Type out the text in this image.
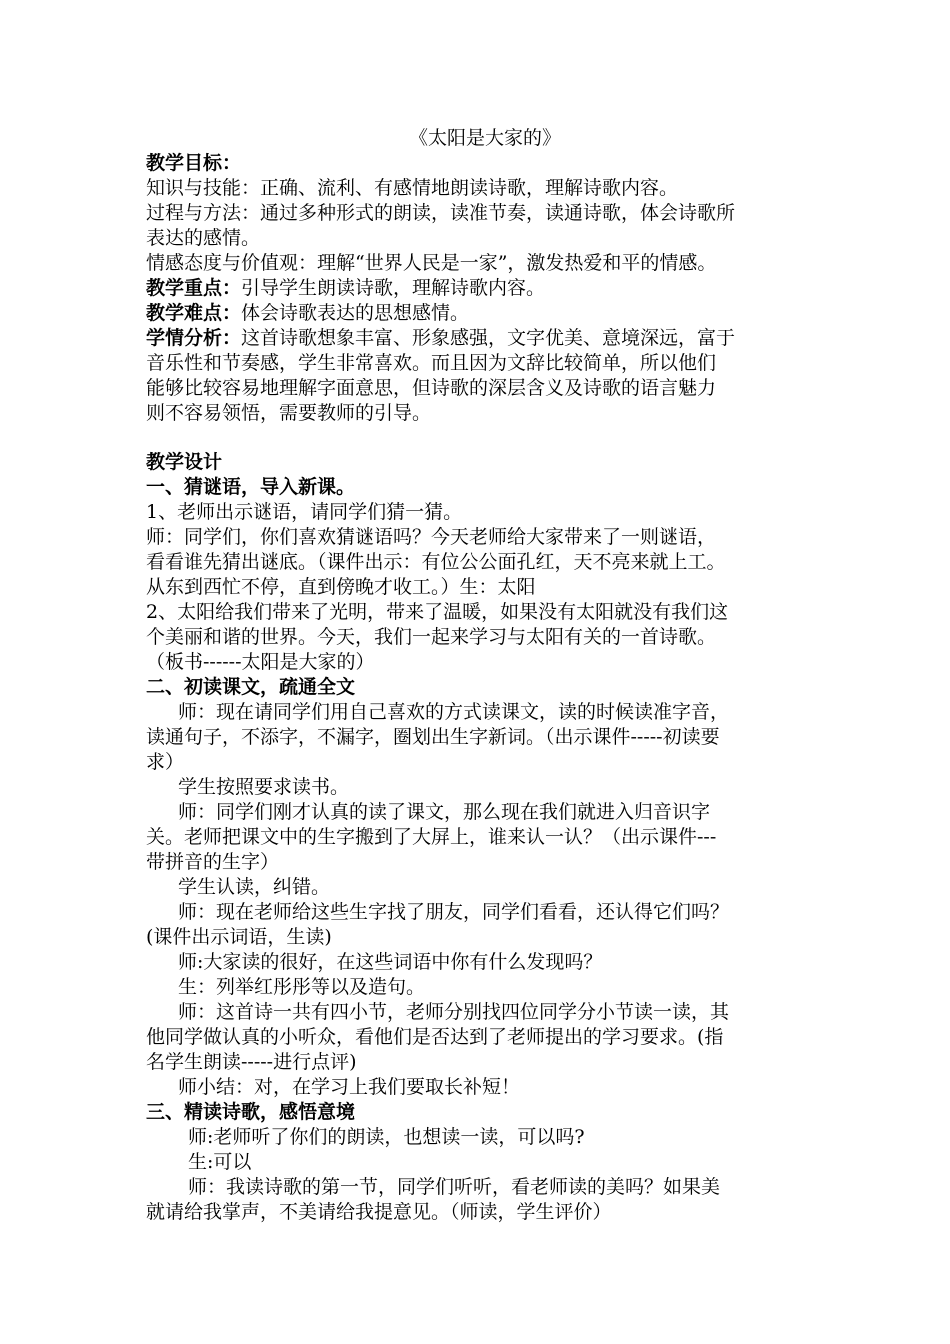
《太阳是大家的》
教学目标：
知识与技能：正确、流利、有感情地朗读诗歌，理解诗歌内容。
过程与方法：通过多种形式的朗读，读准节奏，读通诗歌，体会诗歌所
表达的感情。
情感态度与价值观：理解“世界人民是一家”，激发热爱和平的情感。
教学重点：引导学生朗读诗歌，理解诗歌内容。
教学难点：体会诗歌表达的思想感情。
学情分析：这首诗歌想象丰富、形象感强，文字优美、意境深远，富于
音乐性和节奏感，学生非常喜欢。而且因为文辞比较简单，所以他们
能够比较容易地理解字面意思，但诗歌的深层含义及诗歌的语言魅力
则不容易领悟，需要教师的引导。
教学设计
一、猜谜语，导入新课。
1、老师出示谜语，请同学们猜一猜。
师：同学们，你们喜欢猜谜语吗？今天老师给大家带来了一则谜语，
看看谁先猜出谜底。（课件出示：有位公公面孔红，天不亮来就上工。
从东到西忙不停，直到傍晚才收工。）生：太阳
2、太阳给我们带来了光明，带来了温暖，如果没有太阳就没有我们这
个美丽和谐的世界。今天，我们一起来学习与太阳有关的一首诗歌。
（板书------太阳是大家的）
二、初读课文，疏通全文
师：现在请同学们用自己喜欢的方式读课文，读的时候读准字音，
读通句子，不添字，不漏字，圈划出生字新词。（出示课件-----初读要
求）
学生按照要求读书。
师：同学们刚才认真的读了课文，那么现在我们就进入归音识字
关。老师把课文中的生字搬到了大屏上，谁来认一认？（出示课件---
带拼音的生字）
学生认读，纠错。
师：现在老师给这些生字找了朋友，同学们看看，还认得它们吗？
(课件出示词语，生读)
师:大家读的很好，在这些词语中你有什么发现吗？
生：列举红彤彤等以及造句。
师：这首诗一共有四小节，老师分别找四位同学分小节读一读，其
他同学做认真的小听众，看他们是否达到了老师提出的学习要求。(指
名学生朗读-----进行点评)
师小结：对，在学习上我们要取长补短！
三、精读诗歌，感悟意境
师:老师听了你们的朗读，也想读一读，可以吗?
生:可以
师：我读诗歌的第一节，同学们听听，看老师读的美吗？如果美
就请给我掌声，不美请给我提意见。（师读，学生评价）
